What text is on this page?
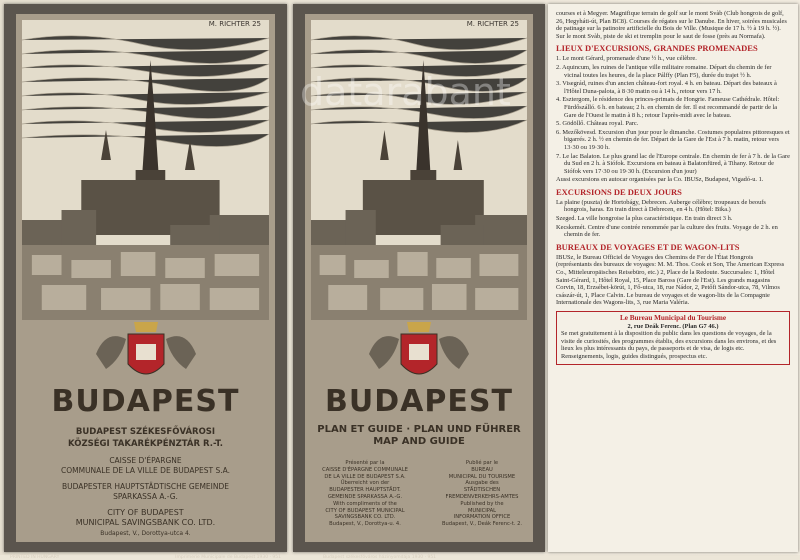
M. RICHTER 25
BUDAPEST
BUDAPEST SZÉKESFŐVÁROSI
KÖZSÉGI TAKARÉKPÉNZTÁR R.-T.
CAISSE D'ÉPARGNE
COMMUNALE DE LA VILLE DE BUDAPEST S.A.
BUDAPESTER HAUPTSTÄDTISCHE GEMEINDE
SPARKASSA A.-G.
CITY OF BUDAPEST
MUNICIPAL SAVINGSBANK CO. LTD.
Budapest, V., Dorottya-utca 4.
PRINTED IN HUNGARY	Imprimerie Municipale de Budapest 1930 · 951
M. RICHTER 25
BUDAPEST
PLAN ET GUIDE · PLAN UND FÜHRER
MAP AND GUIDE
Présenté par la
CAISSE D'ÉPARGNE COMMUNALE
DE LA VILLE DE BUDAPEST S.A.
Überreicht von der
BUDAPESTER HAUPTSTÄDT.
GEMEINDE SPARKASSA A.-G.
With compliments of the
CITY OF BUDAPEST MUNICIPAL
SAVINGSBANK CO. LTD.
Budapest, V., Dorottya-u. 4.
Publié par le
BUREAU
MUNICIPAL DU TOURISME
Ausgabe des
STÄDTISCHEN
FREMDENVERKEHRS-AMTES
Published by the
MUNICIPAL
INFORMATION OFFICE
Budapest, V., Deák Ferenc-t. 2.
Budapest székesfőváros házinyomdája 1930 · 951

courses et à Megyer. Magnifique terrain de golf sur le mont Svàb (Club hongrois de golf, 26, Hegyháti-út, Plan BC8). Courses de régates sur le Danube. En hiver, soirées musicales de patinage sur la patinoire artificielle du Bois de Ville. (Musique de 17 h. ½ à 19 h. ½). Sur le mont Svàb, piste de ski et tremplin pour le saut de fosse (près au Normafa).

LIEUX D'EXCURSIONS, GRANDES PROMENADES

1. Le mont Gérard, promenade d'une ½ h., vue célèbre.

2. Aquincum, les ruines de l'antique ville militaire romaine. Départ du chemin de fer vicinal toutes les heures, de la place Pálffy (Plan F5), durée du trajet ½ h.

3. Visegrád, ruines d'un ancien château-fort royal. 4 h. en bateau. Départ des bateaux à l'Hôtel Duna-palota, à 8·30 matin ou à 14 h., retour vers 17 h.

4. Esztergom, le résidence des princes-primats de Hongrie. Fameuse Cathédrale. Hôtel: Fürdőszálló. 6 h. en bateau; 2 h. en chemin de fer. Il est recommandé de partir de la Gare de l'Ouest le matin à 8 h.; retour l'après-midi avec le bateau.

5. Gödöllő. Château royal. Parc.

6. Mezőkövesd. Excursion d'un jour pour le dimanche. Costumes populaires pittoresques et bigarrés. 2 h. ½ en chemin de fer. Départ de la Gare de l'Est à 7 h. matin, retour vers 13·30 ou 19·30 h.

7. Le lac Balaton. Le plus grand lac de l'Europe centrale. En chemin de fer à 7 h. de la Gare du Sud en 2 h. à Siófok. Excursions en bateau à Balatonfüred, à Tihany. Retour de Siófok vers 17·30 ou 19·30 h. (Excursion d'un jour)

Aussi excursions en autocar organisées par la Co. IBUSz, Budapest, Vigadó-u. 1.

EXCURSIONS DE DEUX JOURS

La plaine (puszta) de Hortobágy, Debrecen. Auberge célèbre; troupeaux de beoufs hongrois, haras. En train direct à Debrecen, en 4 h. (Hôtel: Bika.)

Szeged. La ville hongroise la plus caractéristique. En train direct 3 h.

Kecskemét. Centre d'une contrée renommée par la culture des fruits. Voyage de 2 h. en chemin de fer.

BUREAUX DE VOYAGES ET DE WAGON-LITS

IBUSz, le Bureau Officiel de Voyages des Chemins de Fer de l'État Hongrois (représentants des bureaux de voyages: M. M. Thos. Cook et Son, The American Express Co., Mitteleuropäisches Reisebüro, etc.) 2, Place de la Redoute. Succursales: 1, Hôtel Saint-Gérard, 1, Hôtel Royal, 15, Place Baross (Gare de l'Est). Les grands magasins Corvin, 18, Erzsébet-körút, 1, Fő-utca, 18, rue Nádor, 2, Petőfi Sándor-utca, 78, Vilmos császár-út, 1, Place Calvin. Le bureau de voyages et de wagon-lits de la Compagnie Internationale des Wagons-lits, 3, rue Maria Valéria.

Le Bureau Municipal du Tourisme
2, rue Deák Ferenc. (Plan G7 46.)
Se met gratuitement à la disposition du public dans les questions de voyages, de la visite de curiosités, des programmes établis, des excursions dans les environs, et des lieux les plus intéressants du pays, de passeports et de visa, de logis etc. Renseignements, logis, guides distingués, prospectus etc.
datarabant
